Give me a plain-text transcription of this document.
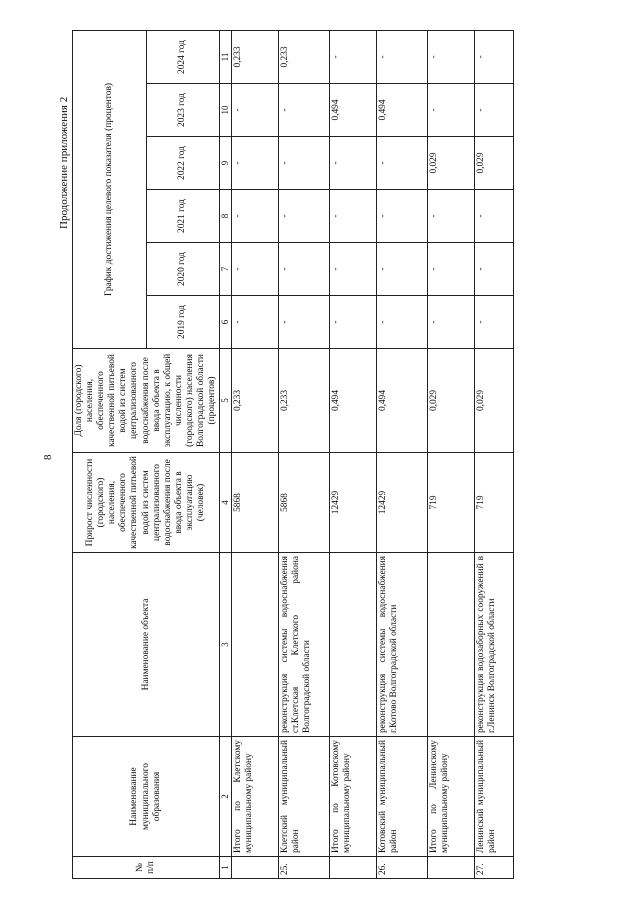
8
Продолжение приложения 2
№ п/п	Наименование муниципального образования	Наименование объекта	Прирост численности (городского) населения, обеспеченного качественной питьевой водой из систем централизованного водоснабжения после ввода объекта в эксплуатацию (человек)	Доля (городского) населения, обеспеченного качественной питьевой водой из систем централизованного водоснабжения после ввода объекта в эксплуатацию, к общей численности (городского) населения Волгоградской области (процентов)	График достижения целевого показателя (процентов)					
					2019 год	2020 год	2021 год	2022 год	2023 год	2024 год
1	2	3	4	5	6	7	8	9	10	11
	Итого по Клетскому муниципальному району		5868	0,233	-	-	-	-	-	0,233
25.	Клетский муниципальный район	реконструкция системы водоснабжения ст.Клетская Клетского района Волгоградской области	5868	0,233	-	-	-	-	-	0,233
	Итого по Котовскому муниципальному району		12429	0,494	-	-	-	-	0,494	-
26.	Котовский муниципальный район	реконструкция системы водоснабжения г.Котово Волгоградской области	12429	0,494	-	-	-	-	0,494	-
	Итого по Ленинскому муниципальному району		719	0,029	-	-	-	0,029	-	-
27.	Ленинский муниципальный район	реконструкция водозаборных сооружений в г.Ленинск Волгоградской области	719	0,029	-	-	-	0,029	-	-
